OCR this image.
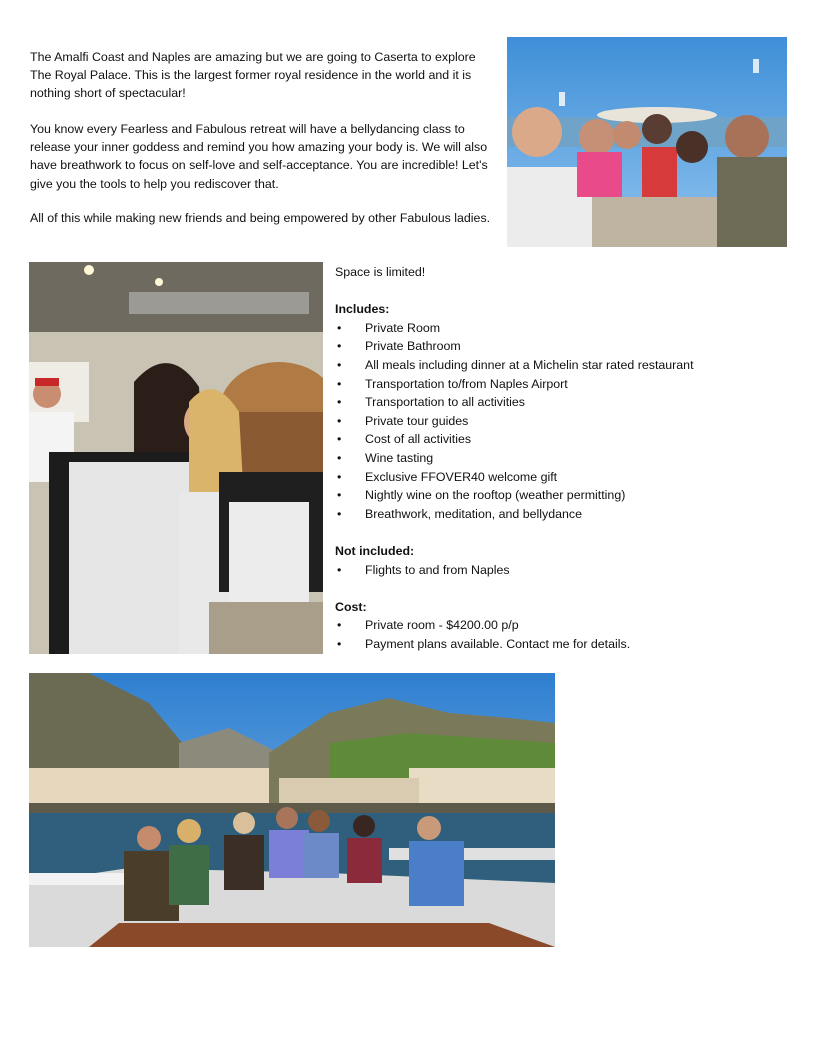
The Amalfi Coast and Naples are amazing but we are going to Caserta to explore The Royal Palace. This is the largest former royal residence in the world and it is nothing short of spectacular!

You know every Fearless and Fabulous retreat will have a bellydancing class to release your inner goddess and remind you how amazing your body is. We will also have breathwork to focus on self-love and self-acceptance. You are incredible! Let's give you the tools to help you rediscover that.

All of this while making new friends and being empowered by other Fabulous ladies.

Space is limited!

Includes:

• Private Room
• Private Bathroom
• All meals including dinner at a Michelin star rated restaurant
• Transportation to/from Naples Airport
• Transportation to all activities
• Private tour guides
• Cost of all activities
• Wine tasting
• Exclusive FFOVER40 welcome gift
• Nightly wine on the rooftop (weather permitting)
• Breathwork, meditation, and bellydance

Not included:

• Flights to and from Naples

Cost:

• Private room - $4200.00 p/p
• Payment plans available. Contact me for details.
